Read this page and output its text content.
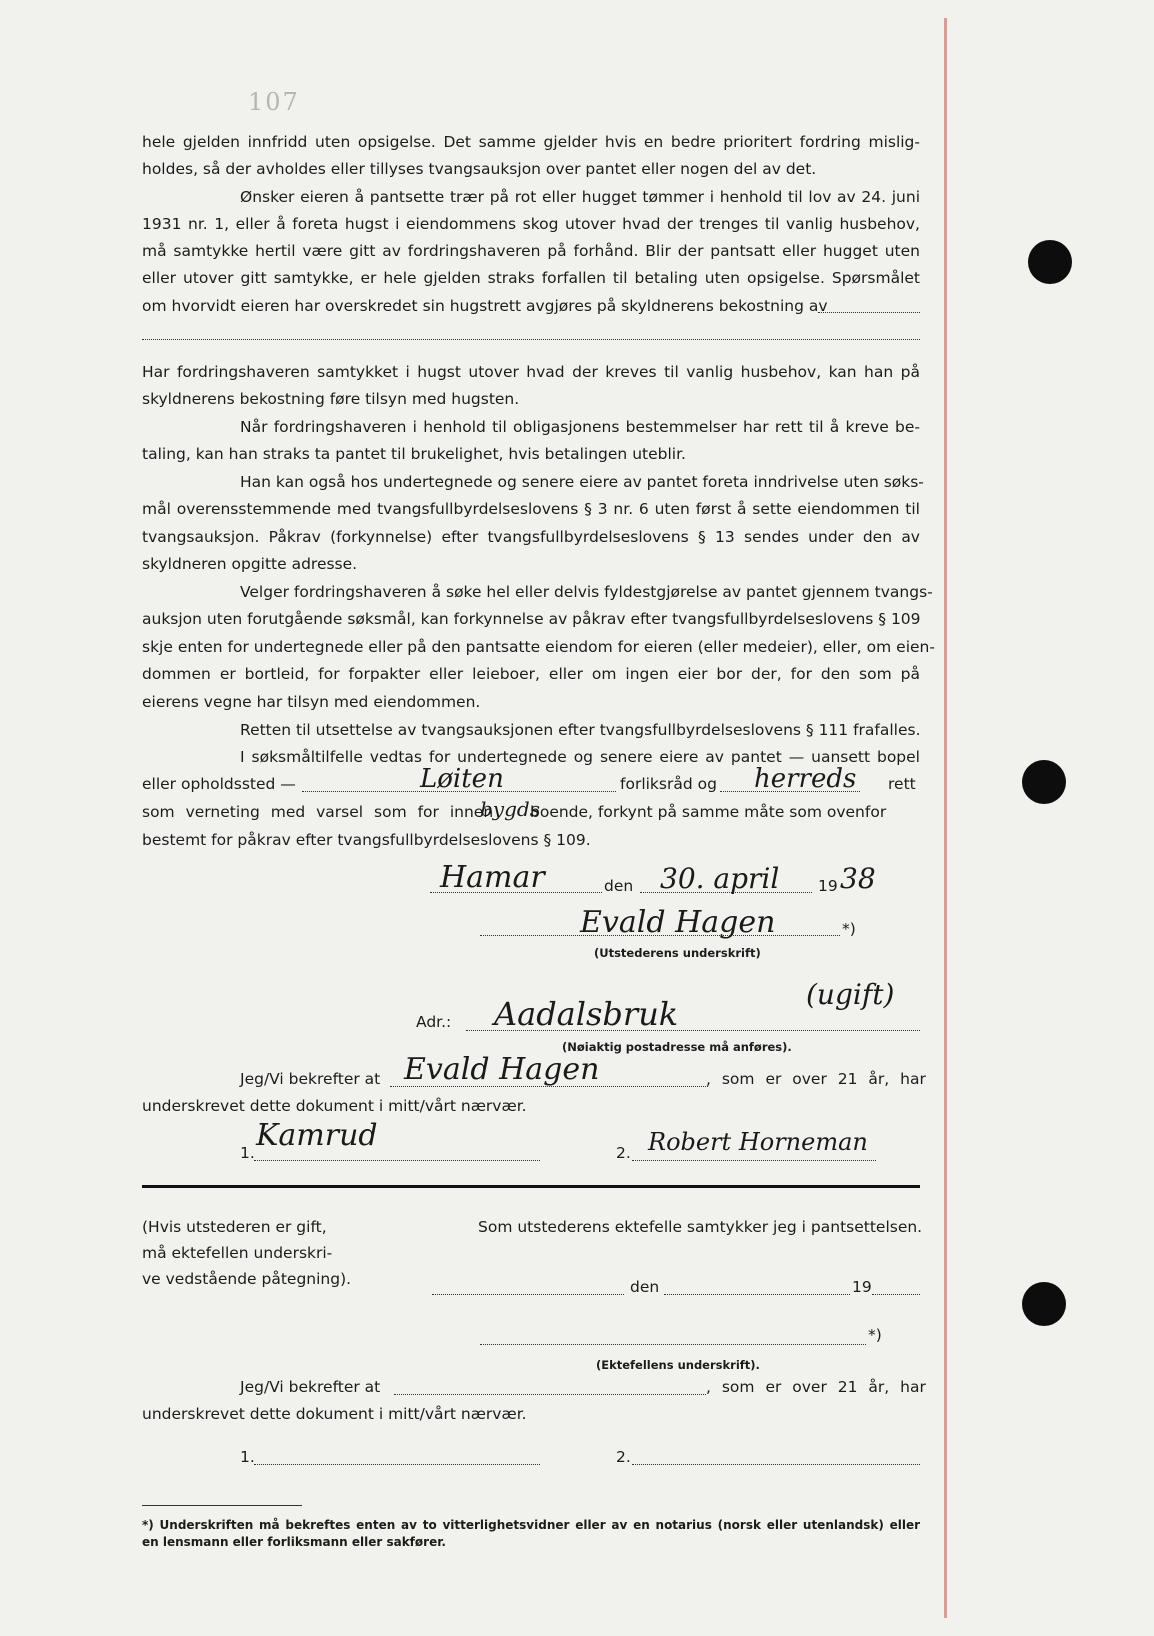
107
hele gjelden innfridd uten opsigelse. Det samme gjelder hvis en bedre prioritert fordring mislig-
holdes, så der avholdes eller tillyses tvangsauksjon over pantet eller nogen del av det.
Ønsker eieren å pantsette trær på rot eller hugget tømmer i henhold til lov av 24. juni
1931 nr. 1, eller å foreta hugst i eiendommens skog utover hvad der trenges til vanlig husbehov,
må samtykke hertil være gitt av fordringshaveren på forhånd. Blir der pantsatt eller hugget uten
eller utover gitt samtykke, er hele gjelden straks forfallen til betaling uten opsigelse. Spørsmålet
om hvorvidt eieren har overskredet sin hugstrett avgjøres på skyldnerens bekostning av
Har fordringshaveren samtykket i hugst utover hvad der kreves til vanlig husbehov, kan han på
skyldnerens bekostning føre tilsyn med hugsten.
Når fordringshaveren i henhold til obligasjonens bestemmelser har rett til å kreve be-
taling, kan han straks ta pantet til brukelighet, hvis betalingen uteblir.
Han kan også hos undertegnede og senere eiere av pantet foreta inndrivelse uten søks-
mål overensstemmende med tvangsfullbyrdelseslovens § 3 nr. 6 uten først å sette eiendommen til
tvangsauksjon. Påkrav (forkynnelse) efter tvangsfullbyrdelseslovens § 13 sendes under den av
skyldneren opgitte adresse.
Velger fordringshaveren å søke hel eller delvis fyldestgjørelse av pantet gjennem tvangs-
auksjon uten forutgående søksmål, kan forkynnelse av påkrav efter tvangsfullbyrdelseslovens § 109
skje enten for undertegnede eller på den pantsatte eiendom for eieren (eller medeier), eller, om eien-
dommen er bortleid, for forpakter eller leieboer, eller om ingen eier bor der, for den som på
eierens vegne har tilsyn med eiendommen.
Retten til utsettelse av tvangsauksjonen efter tvangsfullbyrdelseslovens § 111 frafalles.
I søksmåltilfelle vedtas for undertegnede og senere eiere av pantet — uansett bopel
eller opholdssted —	Løiten	forliksråd og herreds rett
som verneting med varsel som for innen
bygds
boende, forkynt på samme måte som ovenfor
bestemt for påkrav efter tvangsfullbyrdelseslovens § 109.
Hamar	den 30. april 19 38
Evald Hagen	*)
(Utstederens underskrift)
Adr.: Aadalsbruk
(ugift)
(Nøiaktig postadresse må anføres).
Jeg/Vi bekrefter at Evald Hagen	, som er over 21 år, har
underskrevet dette dokument i mitt/vårt nærvær.
1. Kamrud	2. Robert Horneman
(Hvis utstederen er gift,
må ektefellen underskri-
ve vedstående påtegning).
Som utstederens ektefelle samtykker jeg i pantsettelsen.
den	19
*)
(Ektefellens underskrift).
Jeg/Vi bekrefter at	, som er over 21 år, har
underskrevet dette dokument i mitt/vårt nærvær.
1.	2.
*) Underskriften må bekreftes enten av to vitterlighetsvidner eller av en notarius (norsk eller utenlandsk) eller
en lensmann eller forliksmann eller sakfører.
